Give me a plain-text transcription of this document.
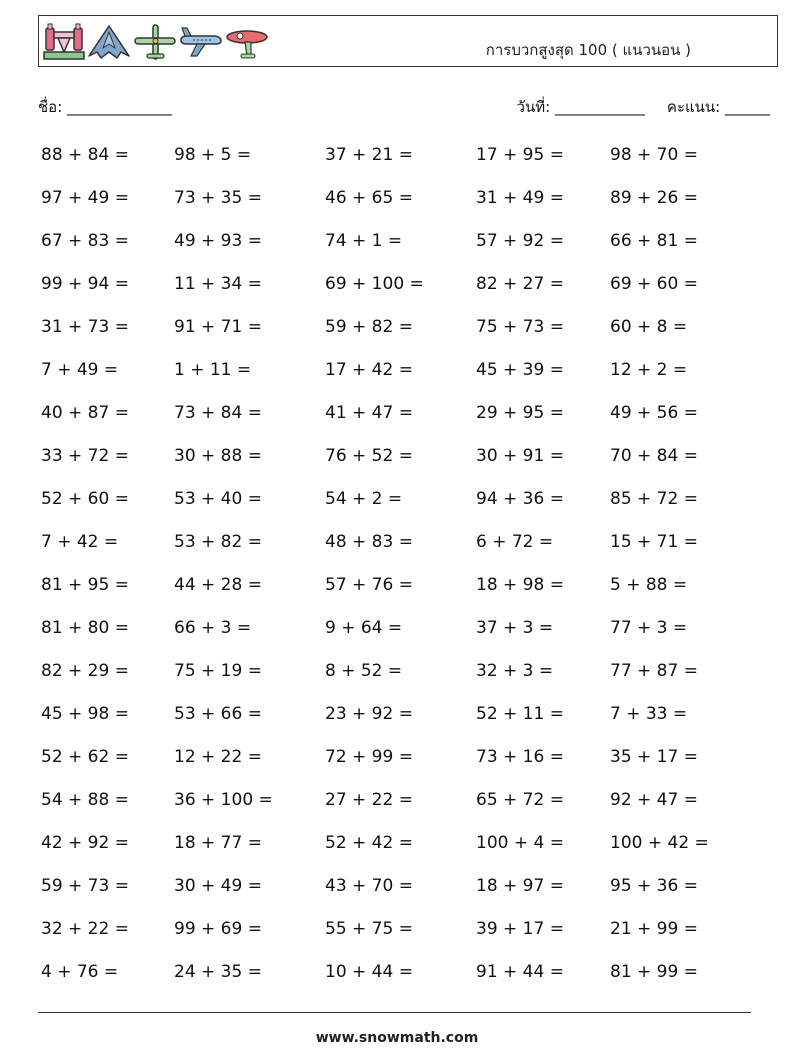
การบวกสูงสุด 100 ( แนวนอน )
ชื่อ: ______________	วันที่: ____________ คะแนน: ______
88 + 84 =	98 + 5 =	37 + 21 =	17 + 95 =	98 + 70 =
97 + 49 =	73 + 35 =	46 + 65 =	31 + 49 =	89 + 26 =
67 + 83 =	49 + 93 =	74 + 1 =	57 + 92 =	66 + 81 =
99 + 94 =	11 + 34 =	69 + 100 =	82 + 27 =	69 + 60 =
31 + 73 =	91 + 71 =	59 + 82 =	75 + 73 =	60 + 8 =
7 + 49 =	1 + 11 =	17 + 42 =	45 + 39 =	12 + 2 =
40 + 87 =	73 + 84 =	41 + 47 =	29 + 95 =	49 + 56 =
33 + 72 =	30 + 88 =	76 + 52 =	30 + 91 =	70 + 84 =
52 + 60 =	53 + 40 =	54 + 2 =	94 + 36 =	85 + 72 =
7 + 42 =	53 + 82 =	48 + 83 =	6 + 72 =	15 + 71 =
81 + 95 =	44 + 28 =	57 + 76 =	18 + 98 =	5 + 88 =
81 + 80 =	66 + 3 =	9 + 64 =	37 + 3 =	77 + 3 =
82 + 29 =	75 + 19 =	8 + 52 =	32 + 3 =	77 + 87 =
45 + 98 =	53 + 66 =	23 + 92 =	52 + 11 =	7 + 33 =
52 + 62 =	12 + 22 =	72 + 99 =	73 + 16 =	35 + 17 =
54 + 88 =	36 + 100 =	27 + 22 =	65 + 72 =	92 + 47 =
42 + 92 =	18 + 77 =	52 + 42 =	100 + 4 =	100 + 42 =
59 + 73 =	30 + 49 =	43 + 70 =	18 + 97 =	95 + 36 =
32 + 22 =	99 + 69 =	55 + 75 =	39 + 17 =	21 + 99 =
4 + 76 =	24 + 35 =	10 + 44 =	91 + 44 =	81 + 99 =
www.snowmath.com
